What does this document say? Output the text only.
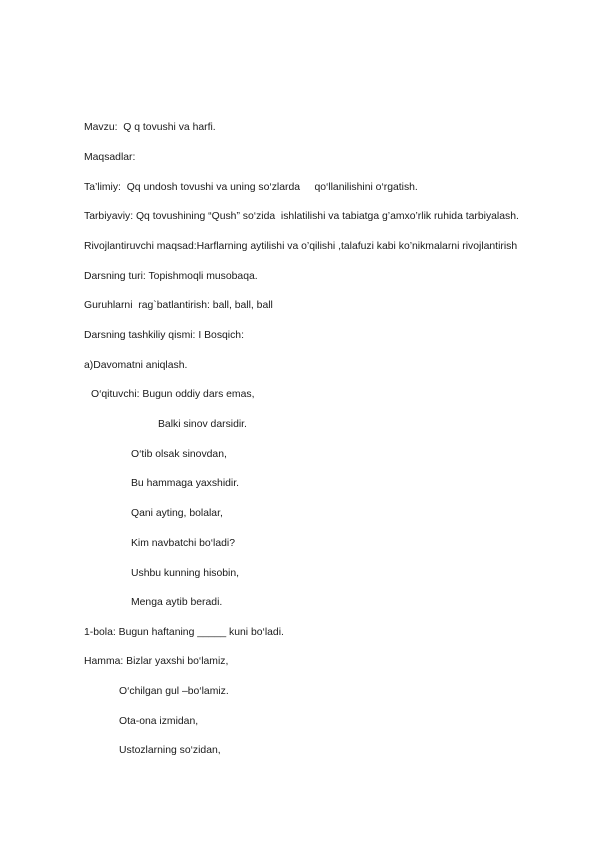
Mavzu:  Q q tovushi va harfi.

Maqsadlar:

Ta’limiy:  Qq undosh tovushi va uning so‘zlarda     qo‘llanilishini o‘rgatish.

Tarbiyaviy: Qq tovushining “Qush” so‘zida  ishlatilishi va tabiatga g’amxo’rlik ruhida tarbiyalash.

Rivojlantiruvchi maqsad:Harflarning aytilishi va o’qilishi ,talafuzi kabi ko’nikmalarni rivojlantirish

Darsning turi: Topishmoqli musobaqa.

Guruhlarni  rag`batlantirish: ball, ball, ball

Darsning tashkiliy qismi: I Bosqich:

a)Davomatni aniqlash.

O‘qituvchi: Bugun oddiy dars emas,

Balki sinov darsidir.

O‘tib olsak sinovdan,

Bu hammaga yaxshidir.

Qani ayting, bolalar,

Kim navbatchi bo‘ladi?

Ushbu kunning hisobin,

Menga aytib beradi.

1-bola: Bugun haftaning _____ kuni bo‘ladi.

Hamma: Bizlar yaxshi bo‘lamiz,

O‘chilgan gul –bo‘lamiz.

Ota-ona izmidan,

Ustozlarning so‘zidan,
